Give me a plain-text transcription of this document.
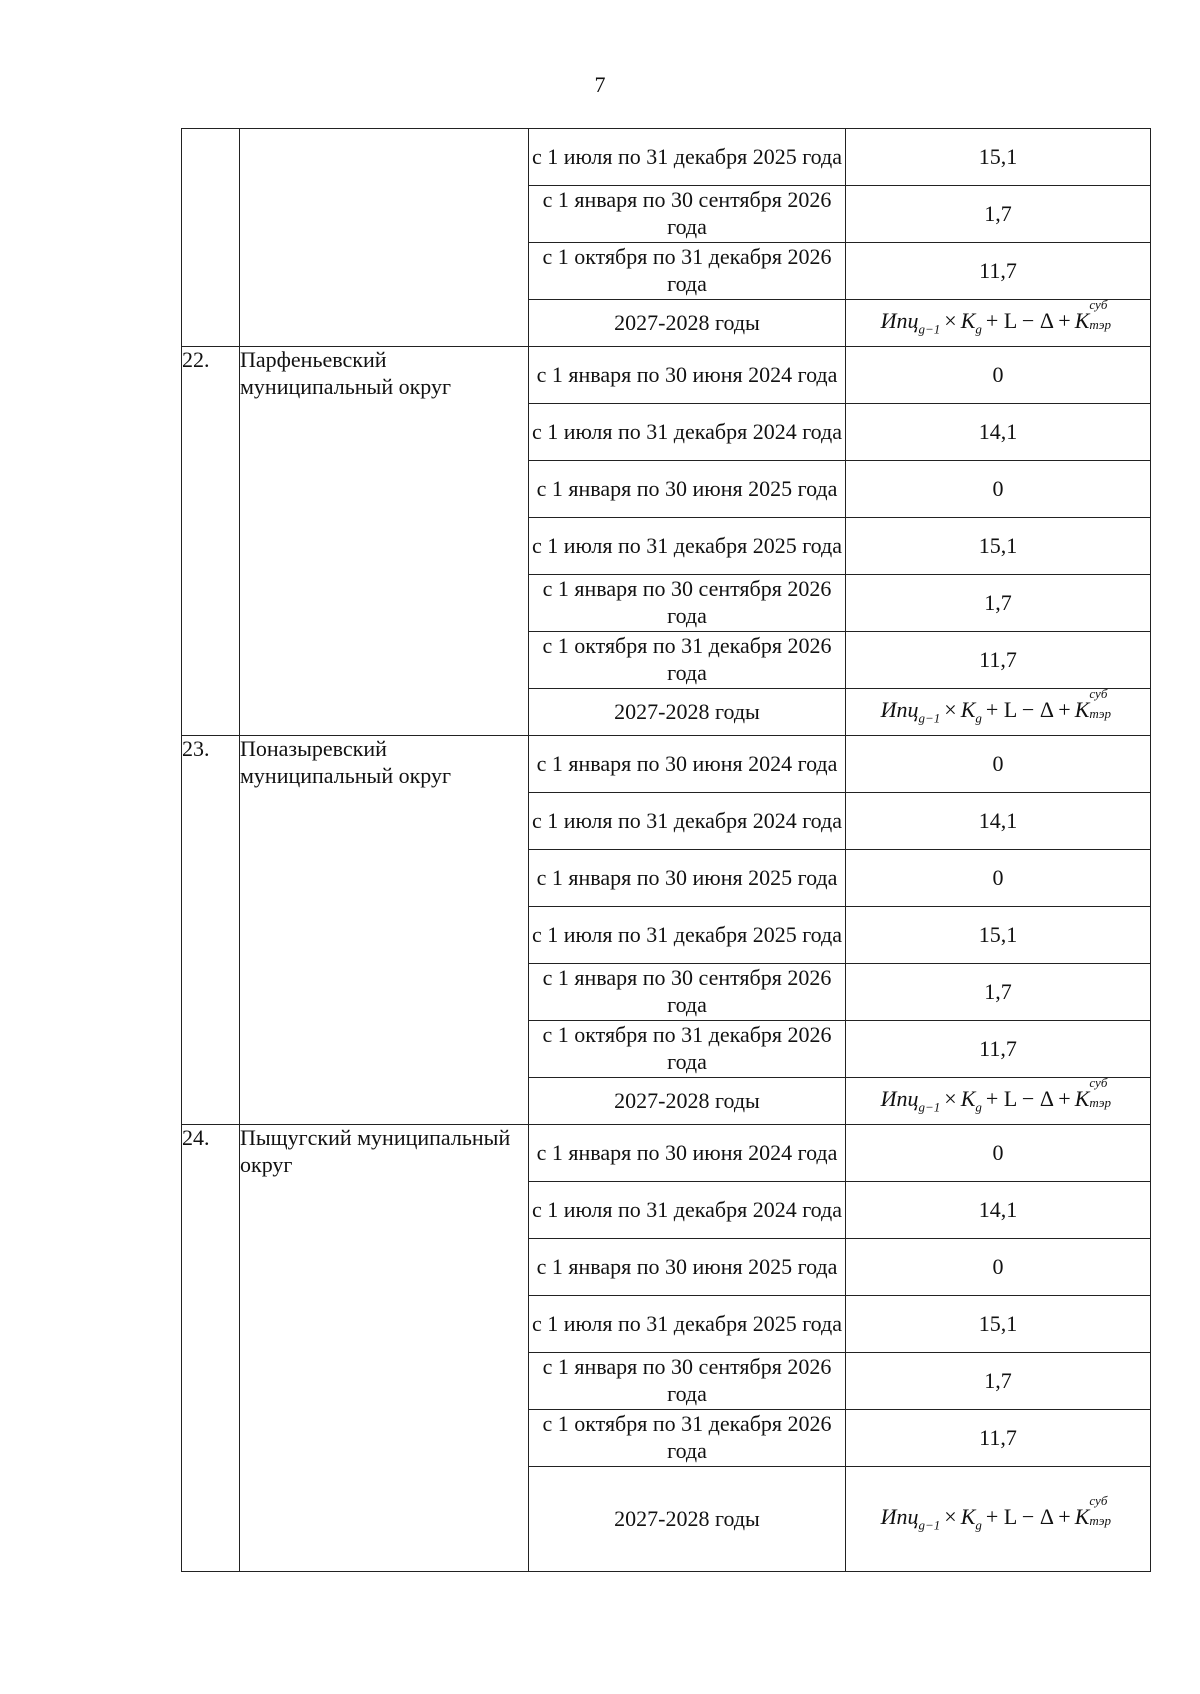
7
		с 1 июля по 31 декабря 2025 года	15,1
		с 1 января по 30 сентября 2026 года	1,7
		с 1 октября по 31 декабря 2026 года	11,7
		2027-2028 годы	$Ипц_{g-1} \times K_g + L - \Delta + K$
суб
тэр

22.	Парфеньевский муниципальный округ	с 1 января по 30 июня 2024 года	0
		с 1 июля по 31 декабря 2024 года	14,1
		с 1 января по 30 июня 2025 года	0
		с 1 июля по 31 декабря 2025 года	15,1
		с 1 января по 30 сентября 2026 года	1,7
		с 1 октября по 31 декабря 2026 года	11,7
		2027-2028 годы	$Ипц_{g-1} \times K_g + L - \Delta + K$
суб
тэр

23.	Поназыревский муниципальный округ	с 1 января по 30 июня 2024 года	0
		с 1 июля по 31 декабря 2024 года	14,1
		с 1 января по 30 июня 2025 года	0
		с 1 июля по 31 декабря 2025 года	15,1
		с 1 января по 30 сентября 2026 года	1,7
		с 1 октября по 31 декабря 2026 года	11,7
		2027-2028 годы	$Ипц_{g-1} \times K_g + L - \Delta + K$
суб
тэр

24.	Пыщугский муниципальный округ	с 1 января по 30 июня 2024 года	0
		с 1 июля по 31 декабря 2024 года	14,1
		с 1 января по 30 июня 2025 года	0
		с 1 июля по 31 декабря 2025 года	15,1
		с 1 января по 30 сентября 2026 года	1,7
		с 1 октября по 31 декабря 2026 года	11,7
		2027-2028 годы	$Ипц_{g-1} \times K_g + L - \Delta + K$
суб
тэр
